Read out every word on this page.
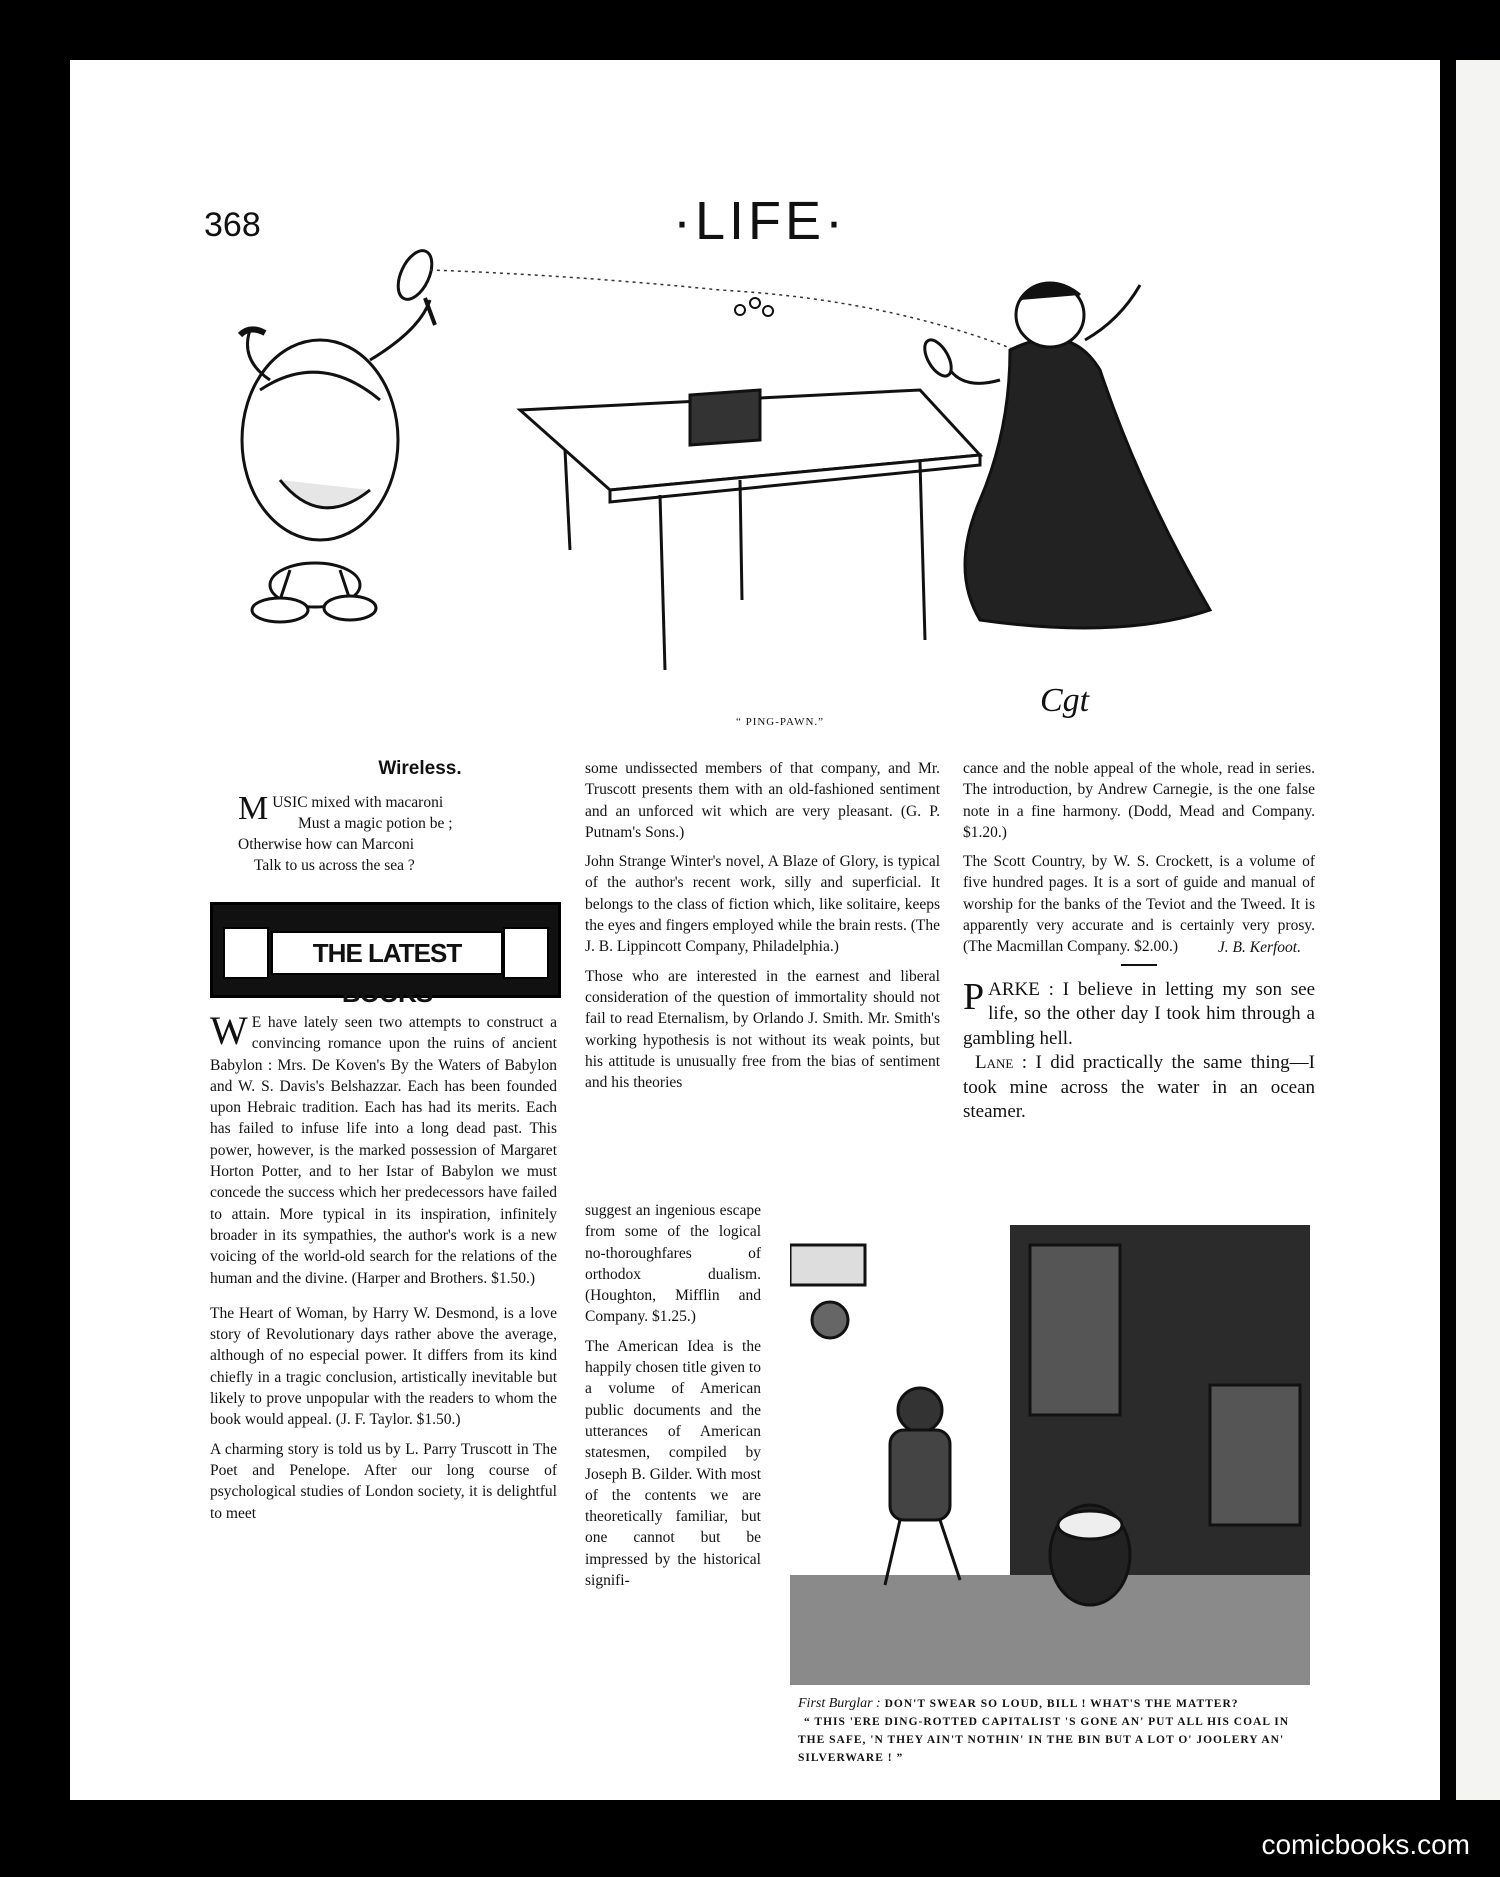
368	·LIFE·
Cgt
“ PING-PAWN.”
Wireless.
M USIC mixed with macaroni
Must a magic potion be ;
Otherwise how can Marconi
Talk to us across the sea ?
THE LATEST BOOKS

W E have lately seen two attempts to construct a convincing romance upon the ruins of ancient Babylon : Mrs. De Koven's By the Waters of Babylon and W. S. Davis's Belshazzar. Each has been founded upon Hebraic tradition. Each has had its merits. Each has failed to infuse life into a long dead past. This power, however, is the marked possession of Margaret Horton Potter, and to her Istar of Babylon we must concede the success which her predecessors have failed to attain. More typical in its inspiration, infinitely broader in its sympathies, the author's work is a new voicing of the world-old search for the relations of the human and the divine. (Harper and Brothers. $1.50.)

The Heart of Woman, by Harry W. Desmond, is a love story of Revolutionary days rather above the average, although of no especial power. It differs from its kind chiefly in a tragic conclusion, artistically inevitable but likely to prove unpopular with the readers to whom the book would appeal. (J. F. Taylor. $1.50.)

A charming story is told us by L. Parry Truscott in The Poet and Penelope. After our long course of psychological studies of London society, it is delightful to meet

some undissected members of that company, and Mr. Truscott presents them with an old-fashioned sentiment and an unforced wit which are very pleasant. (G. P. Putnam's Sons.)

John Strange Winter's novel, A Blaze of Glory, is typical of the author's recent work, silly and superficial. It belongs to the class of fiction which, like solitaire, keeps the eyes and fingers employed while the brain rests. (The J. B. Lippincott Company, Philadelphia.)

Those who are interested in the earnest and liberal consideration of the question of immortality should not fail to read Eternalism, by Orlando J. Smith. Mr. Smith's working hypothesis is not without its weak points, but his attitude is unusually free from the bias of sentiment and his theories

suggest an ingenious escape from some of the logical no-thoroughfares of orthodox dualism. (Houghton, Mifflin and Company. $1.25.)

The American Idea is the happily chosen title given to a volume of American public documents and the utterances of American statesmen, compiled by Joseph B. Gilder. With most of the contents we are theoretically familiar, but one cannot but be impressed by the historical signifi-

cance and the noble appeal of the whole, read in series. The introduction, by Andrew Carnegie, is the one false note in a fine harmony. (Dodd, Mead and Company. $1.20.)

The Scott Country, by W. S. Crockett, is a volume of five hundred pages. It is a sort of guide and manual of worship for the banks of the Teviot and the Tweed. It is apparently very accurate and is certainly very prosy. (The Macmillan Company. $2.00.)	J. B. Kerfoot.
P ARKE : I believe in letting my son see life, so the other day I took him through a gambling hell.
Lane : I did practically the same thing—I took mine across the water in an ocean steamer.
First Burglar : DON'T SWEAR SO LOUD, BILL ! WHAT'S THE MATTER?
“ THIS 'ERE DING-ROTTED CAPITALIST 'S GONE AN' PUT ALL HIS COAL IN THE SAFE, 'N THEY AIN'T NOTHIN' IN THE BIN BUT A LOT O' JOOLERY AN' SILVERWARE ! ”
comicbooks.com
